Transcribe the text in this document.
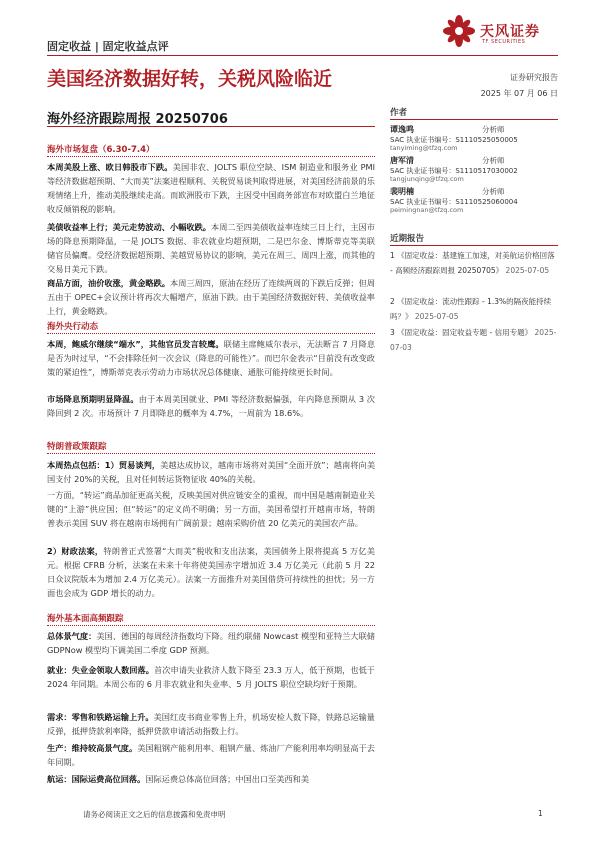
固定收益 | 固定收益点评
天风证券
TF SECURITIES
美国经济数据好转，关税风险临近
海外经济跟踪周报 20250706
证券研究报告
2025 年 07 月 06 日
作者
谭逸鸣	分析师
SAC 执业证书编号：S1110525050005
tanyiming@tfzq.com
唐军清	分析师
SAC 执业证书编号：S1110517030002
tangjunqing@tfzq.com
裴明楠	分析师
SAC 执业证书编号：S1110525060004
peimingnan@tfzq.com
近期报告
1 《固定收益：基建施工加速，对美航运价格回落 - 高频经济跟踪周报 20250705》 2025-07-05
2 《固定收益：流动性跟踪 - 1.3%的隔夜能持续吗？》 2025-07-05
3 《固定收益：固定收益专题 - 信用专题》 2025-07-03
海外市场复盘（6.30-7.4）
本周美股上涨、欧日韩股市下跌。美国非农、JOLTS 职位空缺、ISM 制造业和服务业 PMI 等经济数据超预期、“大而美”法案进程顺利、关税贸易谈判取得进展，对美国经济前景的乐观情绪上升，推动美股继续走高。而欧洲股市下跌，主因受中国商务部宣布对欧盟白兰地征收反倾销税的影响。
美债收益率上行；美元走势波动、小幅收跌。本周二至四美债收益率连续三日上行，主因市场的降息预期降温，一是 JOLTS 数据、非农就业均超预期，二是巴尔金、博斯蒂克等美联储官员偏鹰。受经济数据超预期、美越贸易协议的影响，美元在周三、周四上涨，而其他的交易日美元下跌。
商品方面，油价收涨，黄金略跌。本周三周四，原油在经历了连续两周的下跌后反弹；但周五由于 OPEC+会议预计将再次大幅增产，原油下跌。由于美国经济数据好转、美债收益率上行，黄金略跌。
海外央行动态
本周，鲍威尔继续“端水”，其他官员发言较鹰。联储主席鲍威尔表示，无法断言 7 月降息是否为时过早，“不会排除任何一次会议（降息的可能性）”。而巴尔金表示“目前没有改变政策的紧迫性”，博斯蒂克表示劳动力市场状况总体健康、通胀可能持续更长时间。
市场降息预期明显降温。由于本周美国就业、PMI 等经济数据偏强，年内降息预期从 3 次降回到 2 次。市场预计 7 月即降息的概率为 4.7%，一周前为 18.6%。
特朗普政策跟踪
本周热点包括：1）贸易谈判，美越达成协议，越南市场将对美国“全面开放”；越南将向美国支付 20%的关税，且对任何转运货物征收 40%的关税。
一方面，“转运”商品加征更高关税，反映美国对供应链安全的重视，而中国是越南制造业关键的“上游”供应国；但“转运”的定义尚不明确；另一方面，美国希望打开越南市场，特朗普表示美国 SUV 将在越南市场拥有广阔前景；越南采购价值 20 亿美元的美国农产品。
2）财政法案，特朗普正式签署“大而美”税收和支出法案，美国债务上限将提高 5 万亿美元。根据 CFRB 分析，法案在未来十年将使美国赤字增加近 3.4 万亿美元（此前 5 月 22 日众议院版本为增加 2.4 万亿美元）。法案一方面推升对美国借贷可持续性的担忧；另一方面也会成为 GDP 增长的动力。
海外基本面高频跟踪
总体景气度：美国、德国的每周经济指数均下降。纽约联储 Nowcast 模型和亚特兰大联储 GDPNow 模型均下调美国二季度 GDP 预测。
就业：失业金领取人数回落。首次申请失业救济人数下降至 23.3 万人，低于预期，也低于 2024 年同期。本周公布的 6 月非农就业和失业率、5 月 JOLTS 职位空缺均好于预期。
需求：零售和铁路运输上升。美国红皮书商业零售上升，机场安检人数下降，铁路总运输量反弹，抵押贷款利率降，抵押贷款申请活动指数上行。
生产：维持较高景气度。美国粗钢产能利用率、粗钢产量、炼油厂产能利用率均明显高于去年同期。
航运：国际运费高位回落。国际运费总体高位回落；中国出口至美西和美
请务必阅读正文之后的信息披露和免责申明	1
